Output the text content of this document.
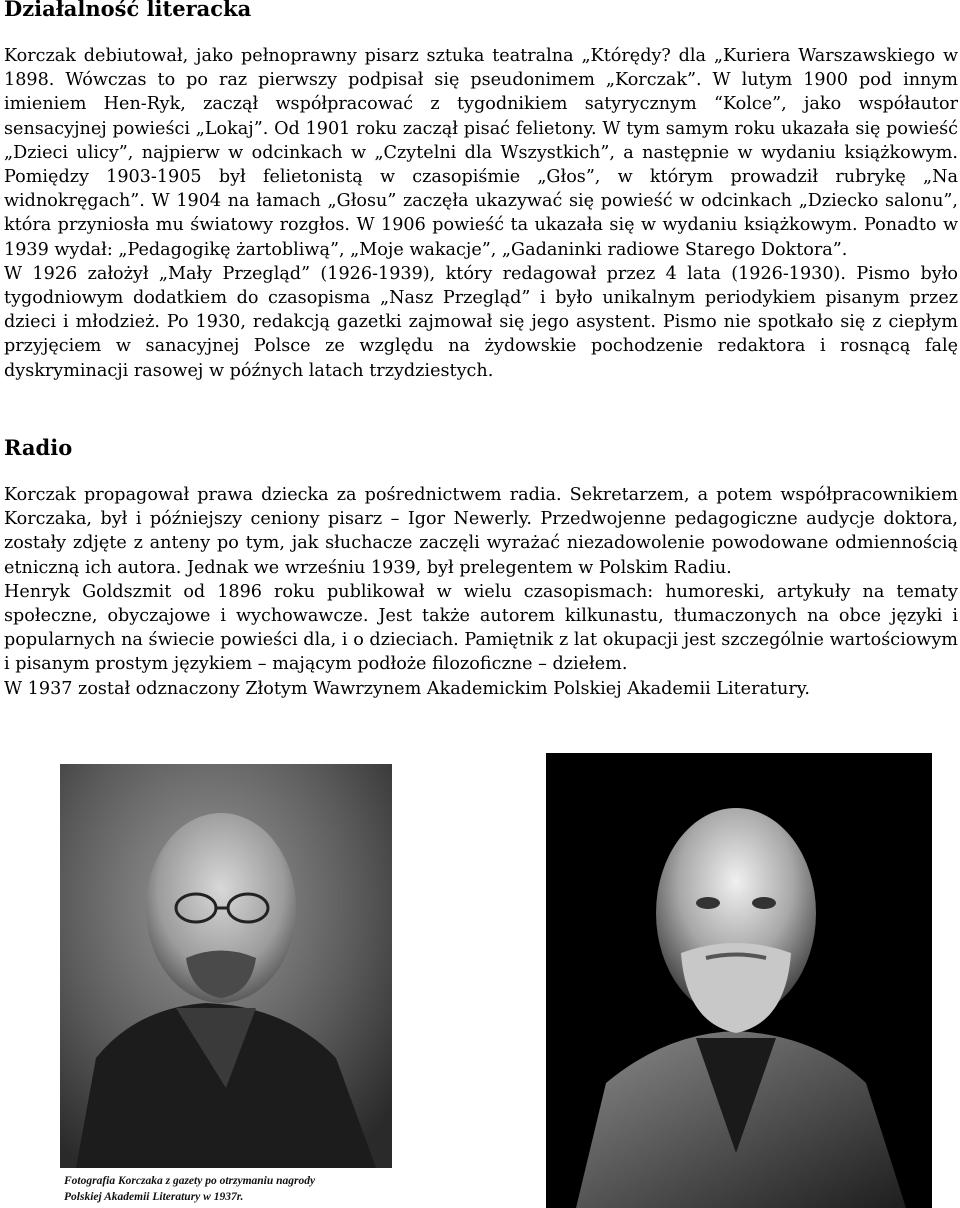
Działalność literacka

Korczak debiutował, jako pełnoprawny pisarz sztuka teatralna „Którędy? dla „Kuriera Warszawskiego w 1898. Wówczas to po raz pierwszy podpisał się pseudonimem „Korczak”. W lutym 1900 pod innym imieniem Hen-Ryk, zaczął współpracować z tygodnikiem satyrycznym “Kolce”, jako współautor sensacyjnej powieści „Lokaj”. Od 1901 roku zaczął pisać felietony. W tym samym roku ukazała się powieść „Dzieci ulicy”, najpierw w odcinkach w „Czytelni dla Wszystkich”, a następnie w wydaniu książkowym. Pomiędzy 1903-1905 był felietonistą w czasopiśmie „Głos”, w którym prowadził rubrykę „Na widnokręgach”. W 1904 na łamach „Głosu” zaczęła ukazywać się powieść w odcinkach „Dziecko salonu”, która przyniosła mu światowy rozgłos. W 1906 powieść ta ukazała się w wydaniu książkowym. Ponadto w 1939 wydał: „Pedagogikę żartobliwą”, „Moje wakacje”, „Gadaninki radiowe Starego Doktora”.

W 1926 założył „Mały Przegląd” (1926-1939), który redagował przez 4 lata (1926-1930). Pismo było tygodniowym dodatkiem do czasopisma „Nasz Przegląd” i było unikalnym periodykiem pisanym przez dzieci i młodzież. Po 1930, redakcją gazetki zajmował się jego asystent. Pismo nie spotkało się z ciepłym przyjęciem w sanacyjnej Polsce ze względu na żydowskie pochodzenie redaktora i rosnącą falę dyskryminacji rasowej w późnych latach trzydziestych.

Radio

Korczak propagował prawa dziecka za pośrednictwem radia. Sekretarzem, a potem współpracownikiem Korczaka, był i późniejszy ceniony pisarz – Igor Newerly. Przedwojenne pedagogiczne audycje doktora, zostały zdjęte z anteny po tym, jak słuchacze zaczęli wyrażać niezadowolenie powodowane odmiennością etniczną ich autora. Jednak we wrześniu 1939, był prelegentem w Polskim Radiu.

Henryk Goldszmit od 1896 roku publikował w wielu czasopismach: humoreski, artykuły na tematy społeczne, obyczajowe i wychowawcze. Jest także autorem kilkunastu, tłumaczonych na obce języki i popularnych na świecie powieści dla, i o dzieciach. Pamiętnik z lat okupacji jest szczególnie wartościowym i pisanym prostym językiem – mającym podłoże filozoficzne – dziełem.

W 1937 został odznaczony Złotym Wawrzynem Akademickim Polskiej Akademii Literatury.

Fotografia Korczaka z gazety po otrzymaniu nagrody
Polskiej Akademii Literatury w 1937r.
